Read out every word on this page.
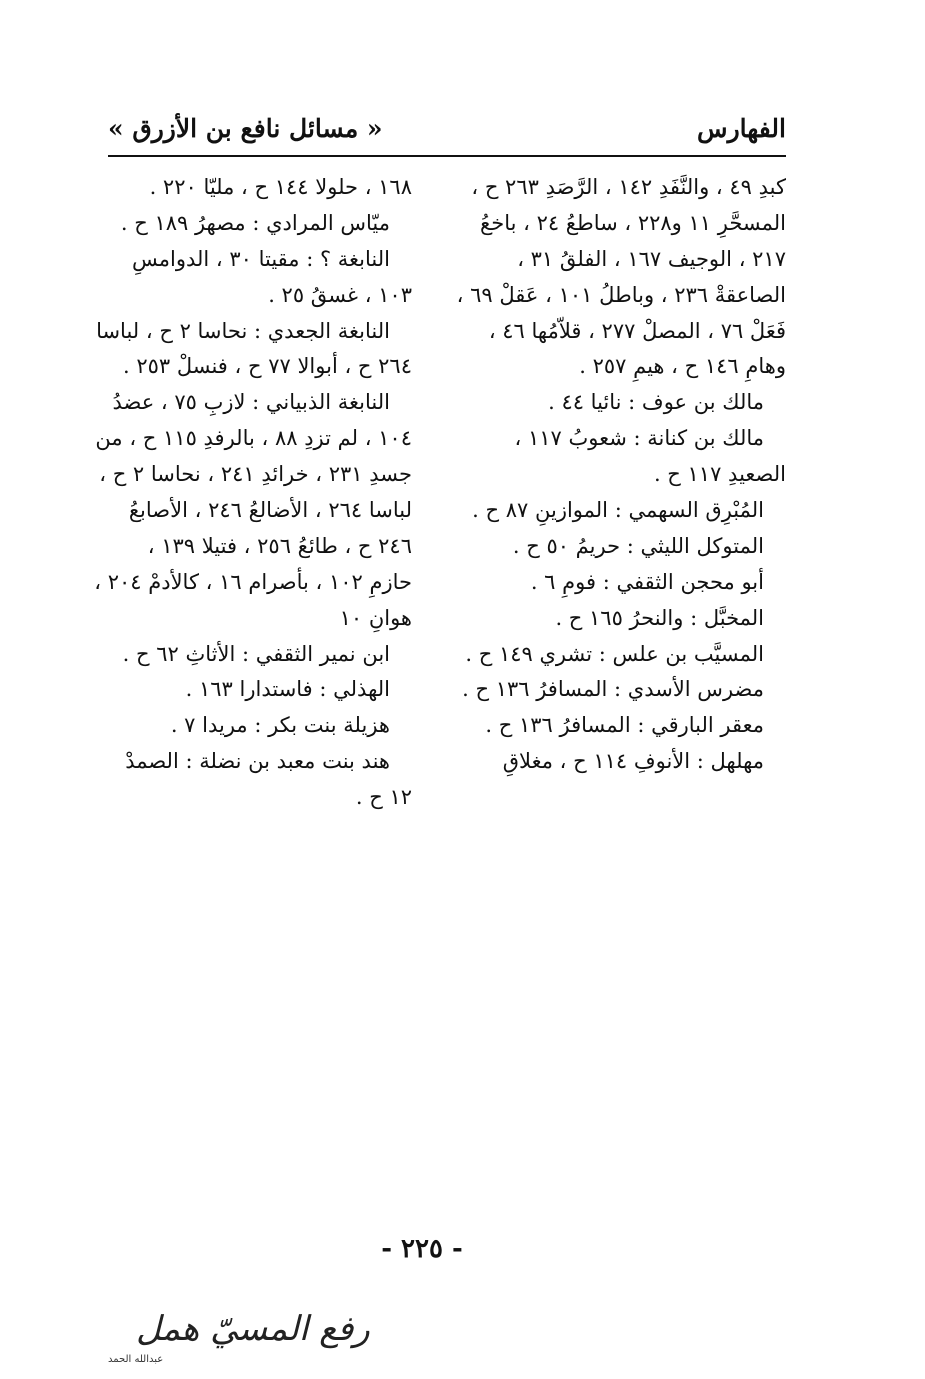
الفهارس
« مسائل نافع بن الأزرق »
كبدِ ٤٩ ، والنَّفَدِ ١٤٢ ، الرَّصَدِ ٢٦٣ ح ،
المسحَّرِ ١١ و٢٢٨ ، ساطعُ ٢٤ ، باخعُ
٢١٧ ، الوجيف ١٦٧ ، الفلقُ ٣١ ،
الصاعقةْ ٢٣٦ ، وباطلُ ١٠١ ، عَقلْ ٦٩ ،
فَعَلْ ٧٦ ، المصلْ ٢٧٧ ، قلاّمُها ٤٦ ،
وهامِ ١٤٦ ح ، هيمِ ٢٥٧ .
مالك بن عوف : نائيا ٤٤ .
مالك بن كنانة : شعوبُ ١١٧ ،
الصعيدِ ١١٧ ح .
المُبْرِق السهمي : الموازينِ ٨٧ ح .
المتوكل الليثي : حريمُ ٥٠ ح .
أبو محجن الثقفي : فومِ ٦ .
المخبَّل : والنحرُ ١٦٥ ح .
المسيَّب بن علس : تشري ١٤٩ ح .
مضرس الأسدي : المسافرُ ١٣٦ ح .
معقر البارقي : المسافرُ ١٣٦ ح .
مهلهل : الأنوفِ ١١٤ ح ، مغلاقِ
١٦٨ ، حلولا ١٤٤ ح ، مليّا ٢٢٠ .
ميّاس المرادي : مصهرُ ١٨٩ ح .
النابغة ؟ : مقيتا ٣٠ ، الدوامسِ
١٠٣ ، غسقُ ٢٥ .
النابغة الجعدي : نحاسا ٢ ح ، لباسا
٢٦٤ ح ، أبوالا ٧٧ ح ، فنسلْ ٢٥٣ .
النابغة الذبياني : لازبِ ٧٥ ، عضدُ
١٠٤ ، لم تزدِ ٨٨ ، بالرفدِ ١١٥ ح ، من
جسدِ ٢٣١ ، خرائدِ ٢٤١ ، نحاسا ٢ ح ،
لباسا ٢٦٤ ، الأضالعُ ٢٤٦ ، الأصابعُ
٢٤٦ ح ، طائعُ ٢٥٦ ، فتيلا ١٣٩ ،
حازمِ ١٠٢ ، بأصرام ١٦ ، كالأدمْ ٢٠٤ ،
هوانِ ١٠
ابن نمير الثقفي : الأثاثِ ٦٢ ح .
الهذلي : فاستدارا ١٦٣ .
هزيلة بنت بكر : مريدا ٧ .
هند بنت معبد بن نضلة : الصمدْ
١٢ ح .
- ٢٢٥ -
رفع المسيّ همل
عبدالله الحمد
